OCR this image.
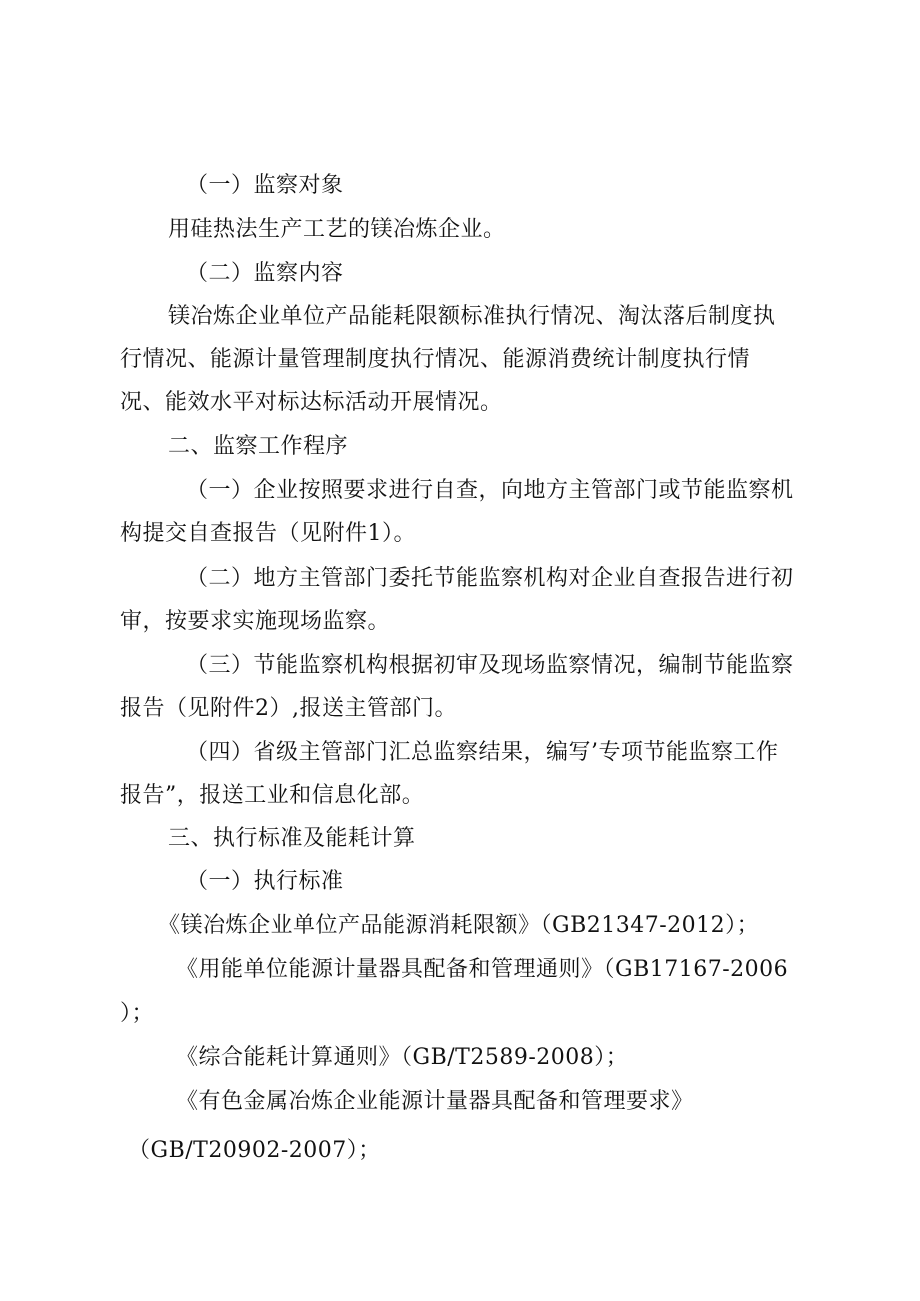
（一）监察对象
用硅热法生产工艺的镁冶炼企业。
（二）监察内容
镁冶炼企业单位产品能耗限额标准执行情况、淘汰落后制度执
行情况、能源计量管理制度执行情况、能源消费统计制度执行情
况、能效水平对标达标活动开展情况。
二、监察工作程序
（一）企业按照要求进行自查，向地方主管部门或节能监察机
构提交自查报告（见附件1）。
（二）地方主管部门委托节能监察机构对企业自查报告进行初
审，按要求实施现场监察。
（三）节能监察机构根据初审及现场监察情况，编制节能监察
报告（见附件2）,报送主管部门。
（四）省级主管部门汇总监察结果，编写’专项节能监察工作
报告”，报送工业和信息化部。
三、执行标准及能耗计算
（一）执行标准
《镁冶炼企业单位产品能源消耗限额》（GB21347-2012）；
《用能单位能源计量器具配备和管理通则》（GB17167-2006
）；
《综合能耗计算通则》（GB/T2589-2008）；
《有色金属冶炼企业能源计量器具配备和管理要求》
（GB/T20902-2007）；
